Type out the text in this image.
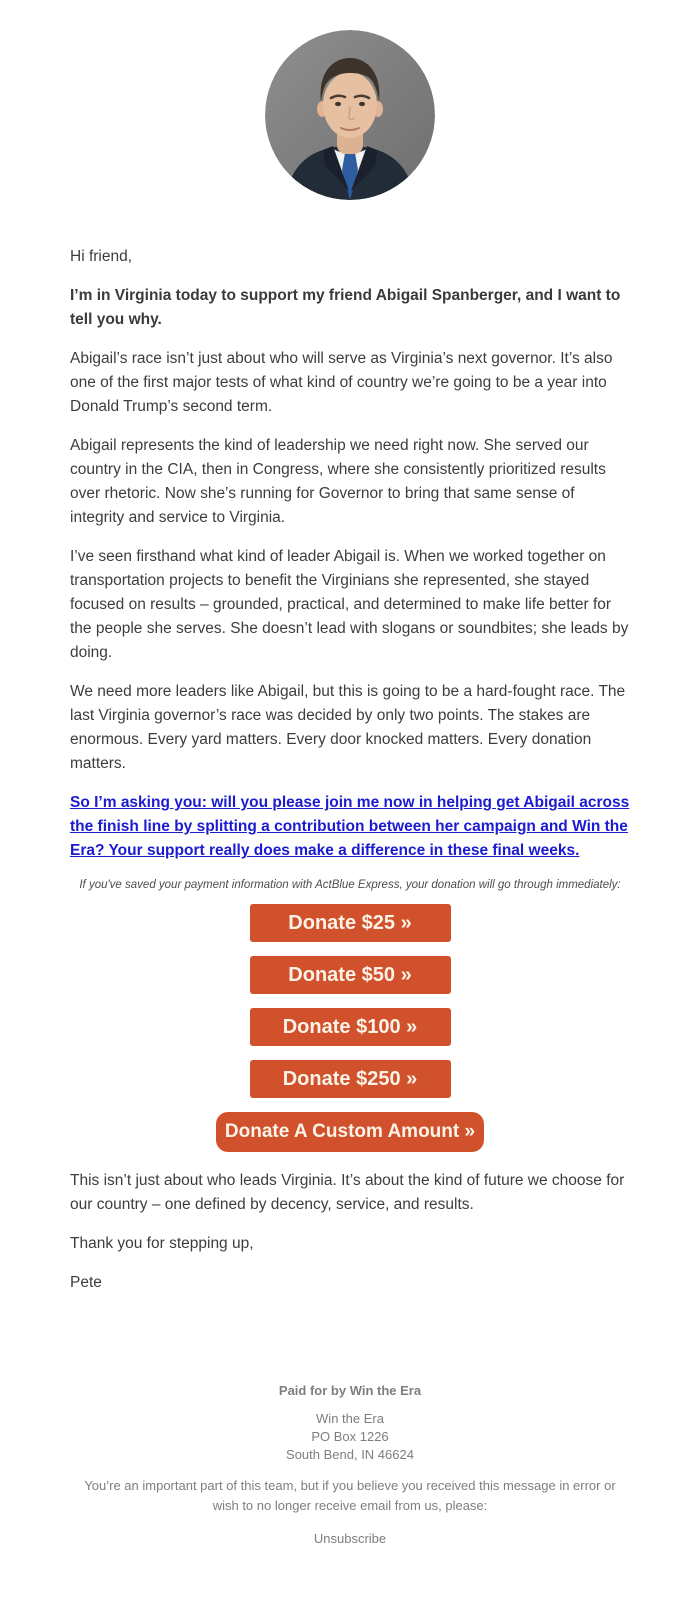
Hi friend,

I’m in Virginia today to support my friend Abigail Spanberger, and I want to tell you why.

Abigail’s race isn’t just about who will serve as Virginia’s next governor. It’s also one of the first major tests of what kind of country we’re going to be a year into Donald Trump’s second term.

Abigail represents the kind of leadership we need right now. She served our country in the CIA, then in Congress, where she consistently prioritized results over rhetoric. Now she’s running for Governor to bring that same sense of integrity and service to Virginia.

I’ve seen firsthand what kind of leader Abigail is. When we worked together on transportation projects to benefit the Virginians she represented, she stayed focused on results – grounded, practical, and determined to make life better for the people she serves. She doesn’t lead with slogans or soundbites; she leads by doing.

We need more leaders like Abigail, but this is going to be a hard-fought race. The last Virginia governor’s race was decided by only two points. The stakes are enormous. Every yard matters. Every door knocked matters. Every donation matters.

So I’m asking you: will you please join me now in helping get Abigail across the finish line by splitting a contribution between her campaign and Win the Era? Your support really does make a difference in these final weeks.

If you've saved your payment information with ActBlue Express, your donation will go through immediately:
Donate $25 »
Donate $50 »
Donate $100 »
Donate $250 »
Donate A Custom Amount »

This isn’t just about who leads Virginia. It’s about the kind of future we choose for our country – one defined by decency, service, and results.

Thank you for stepping up,

Pete

Paid for by Win the Era
Win the Era
PO Box 1226
South Bend, IN 46624
You’re an important part of this team, but if you believe you received this message in error or wish to no longer receive email from us, please:
Unsubscribe
